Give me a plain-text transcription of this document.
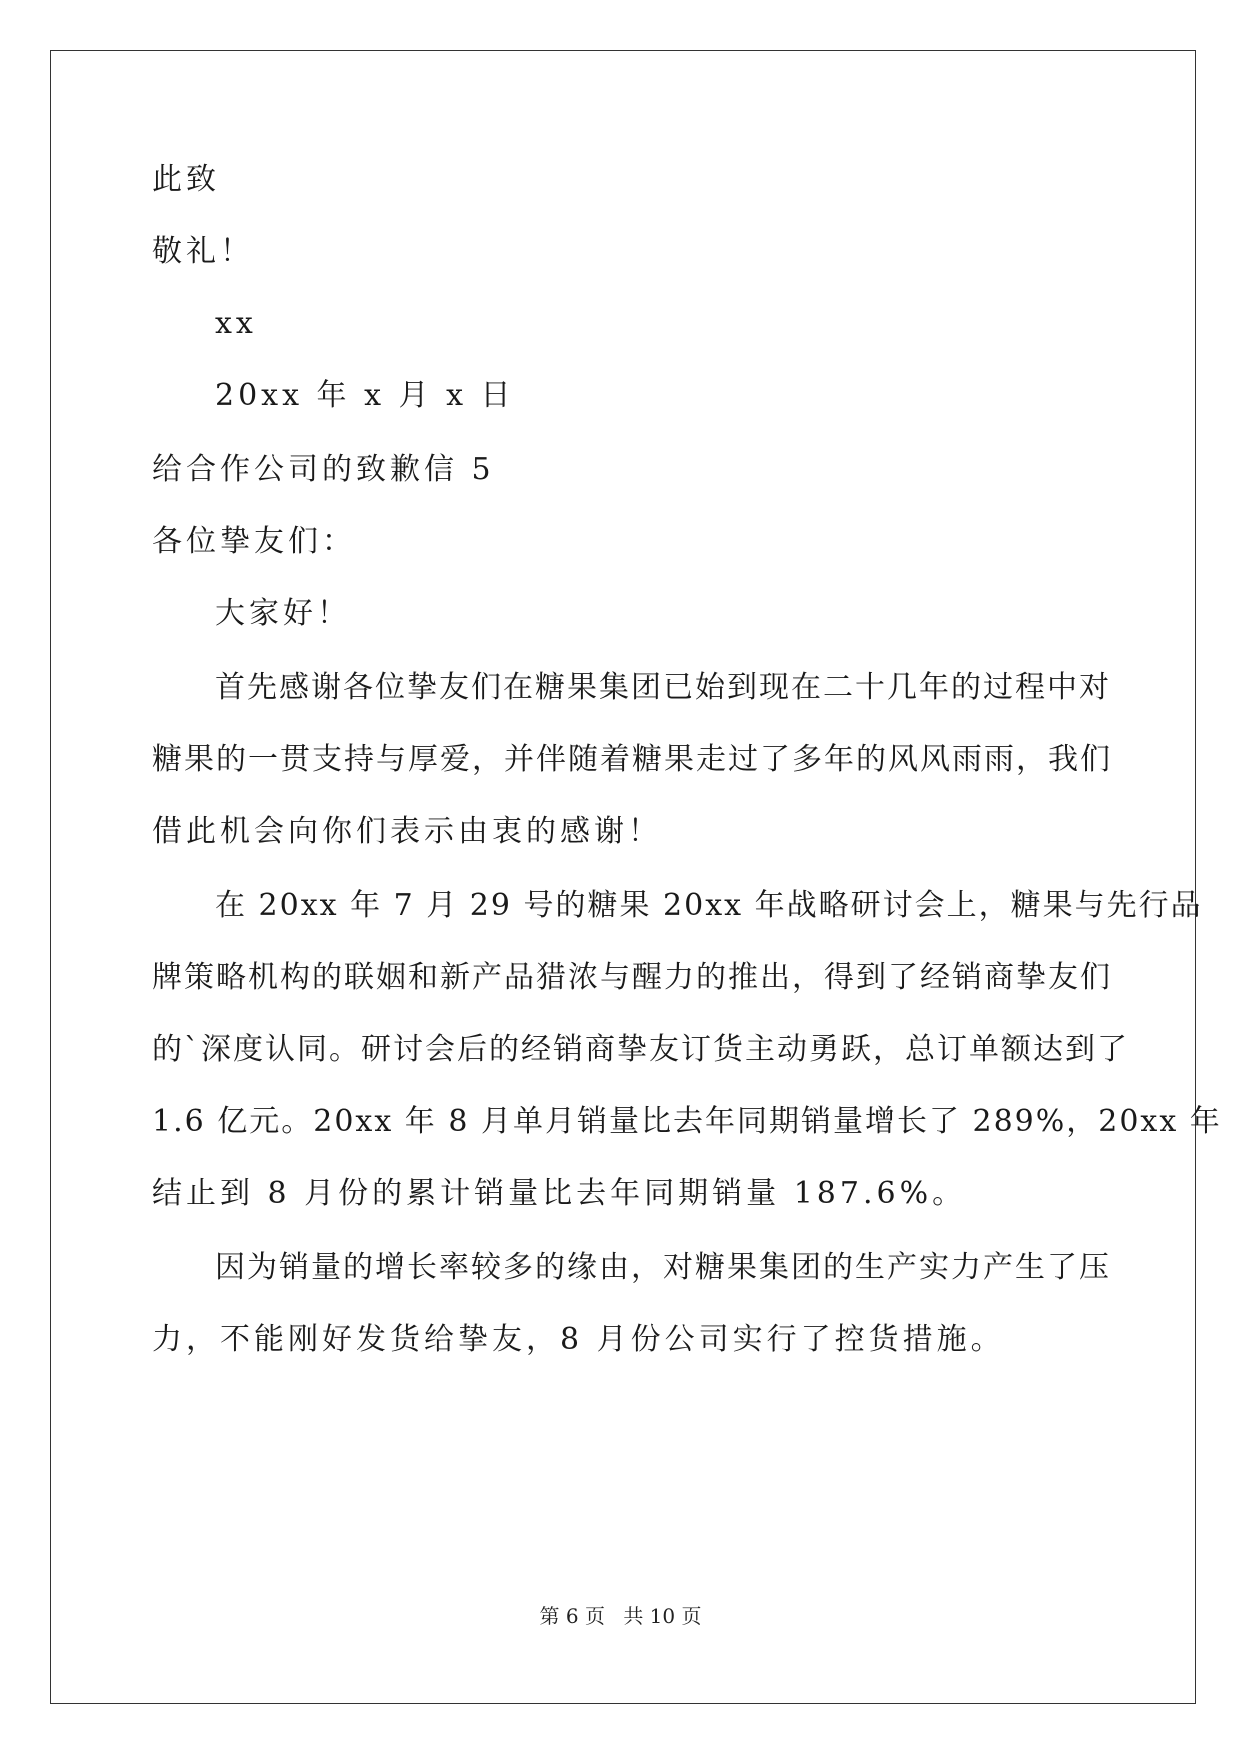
此致
敬礼！
xx
20xx 年 x 月 x 日
给合作公司的致歉信 5
各位挚友们：
大家好！
首先感谢各位挚友们在糖果集团已始到现在二十几年的过程中对
糖果的一贯支持与厚爱，并伴随着糖果走过了多年的风风雨雨，我们
借此机会向你们表示由衷的感谢！
在 20xx 年 7 月 29 号的糖果 20xx 年战略研讨会上，糖果与先行品
牌策略机构的联姻和新产品猎浓与醒力的推出，得到了经销商挚友们
的`深度认同。研讨会后的经销商挚友订货主动勇跃，总订单额达到了
1.6 亿元。20xx 年 8 月单月销量比去年同期销量增长了 289%，20xx 年
结止到 8 月份的累计销量比去年同期销量 187.6%。
因为销量的增长率较多的缘由，对糖果集团的生产实力产生了压
力，不能刚好发货给挚友，8 月份公司实行了控货措施。
第 6 页 共 10 页
